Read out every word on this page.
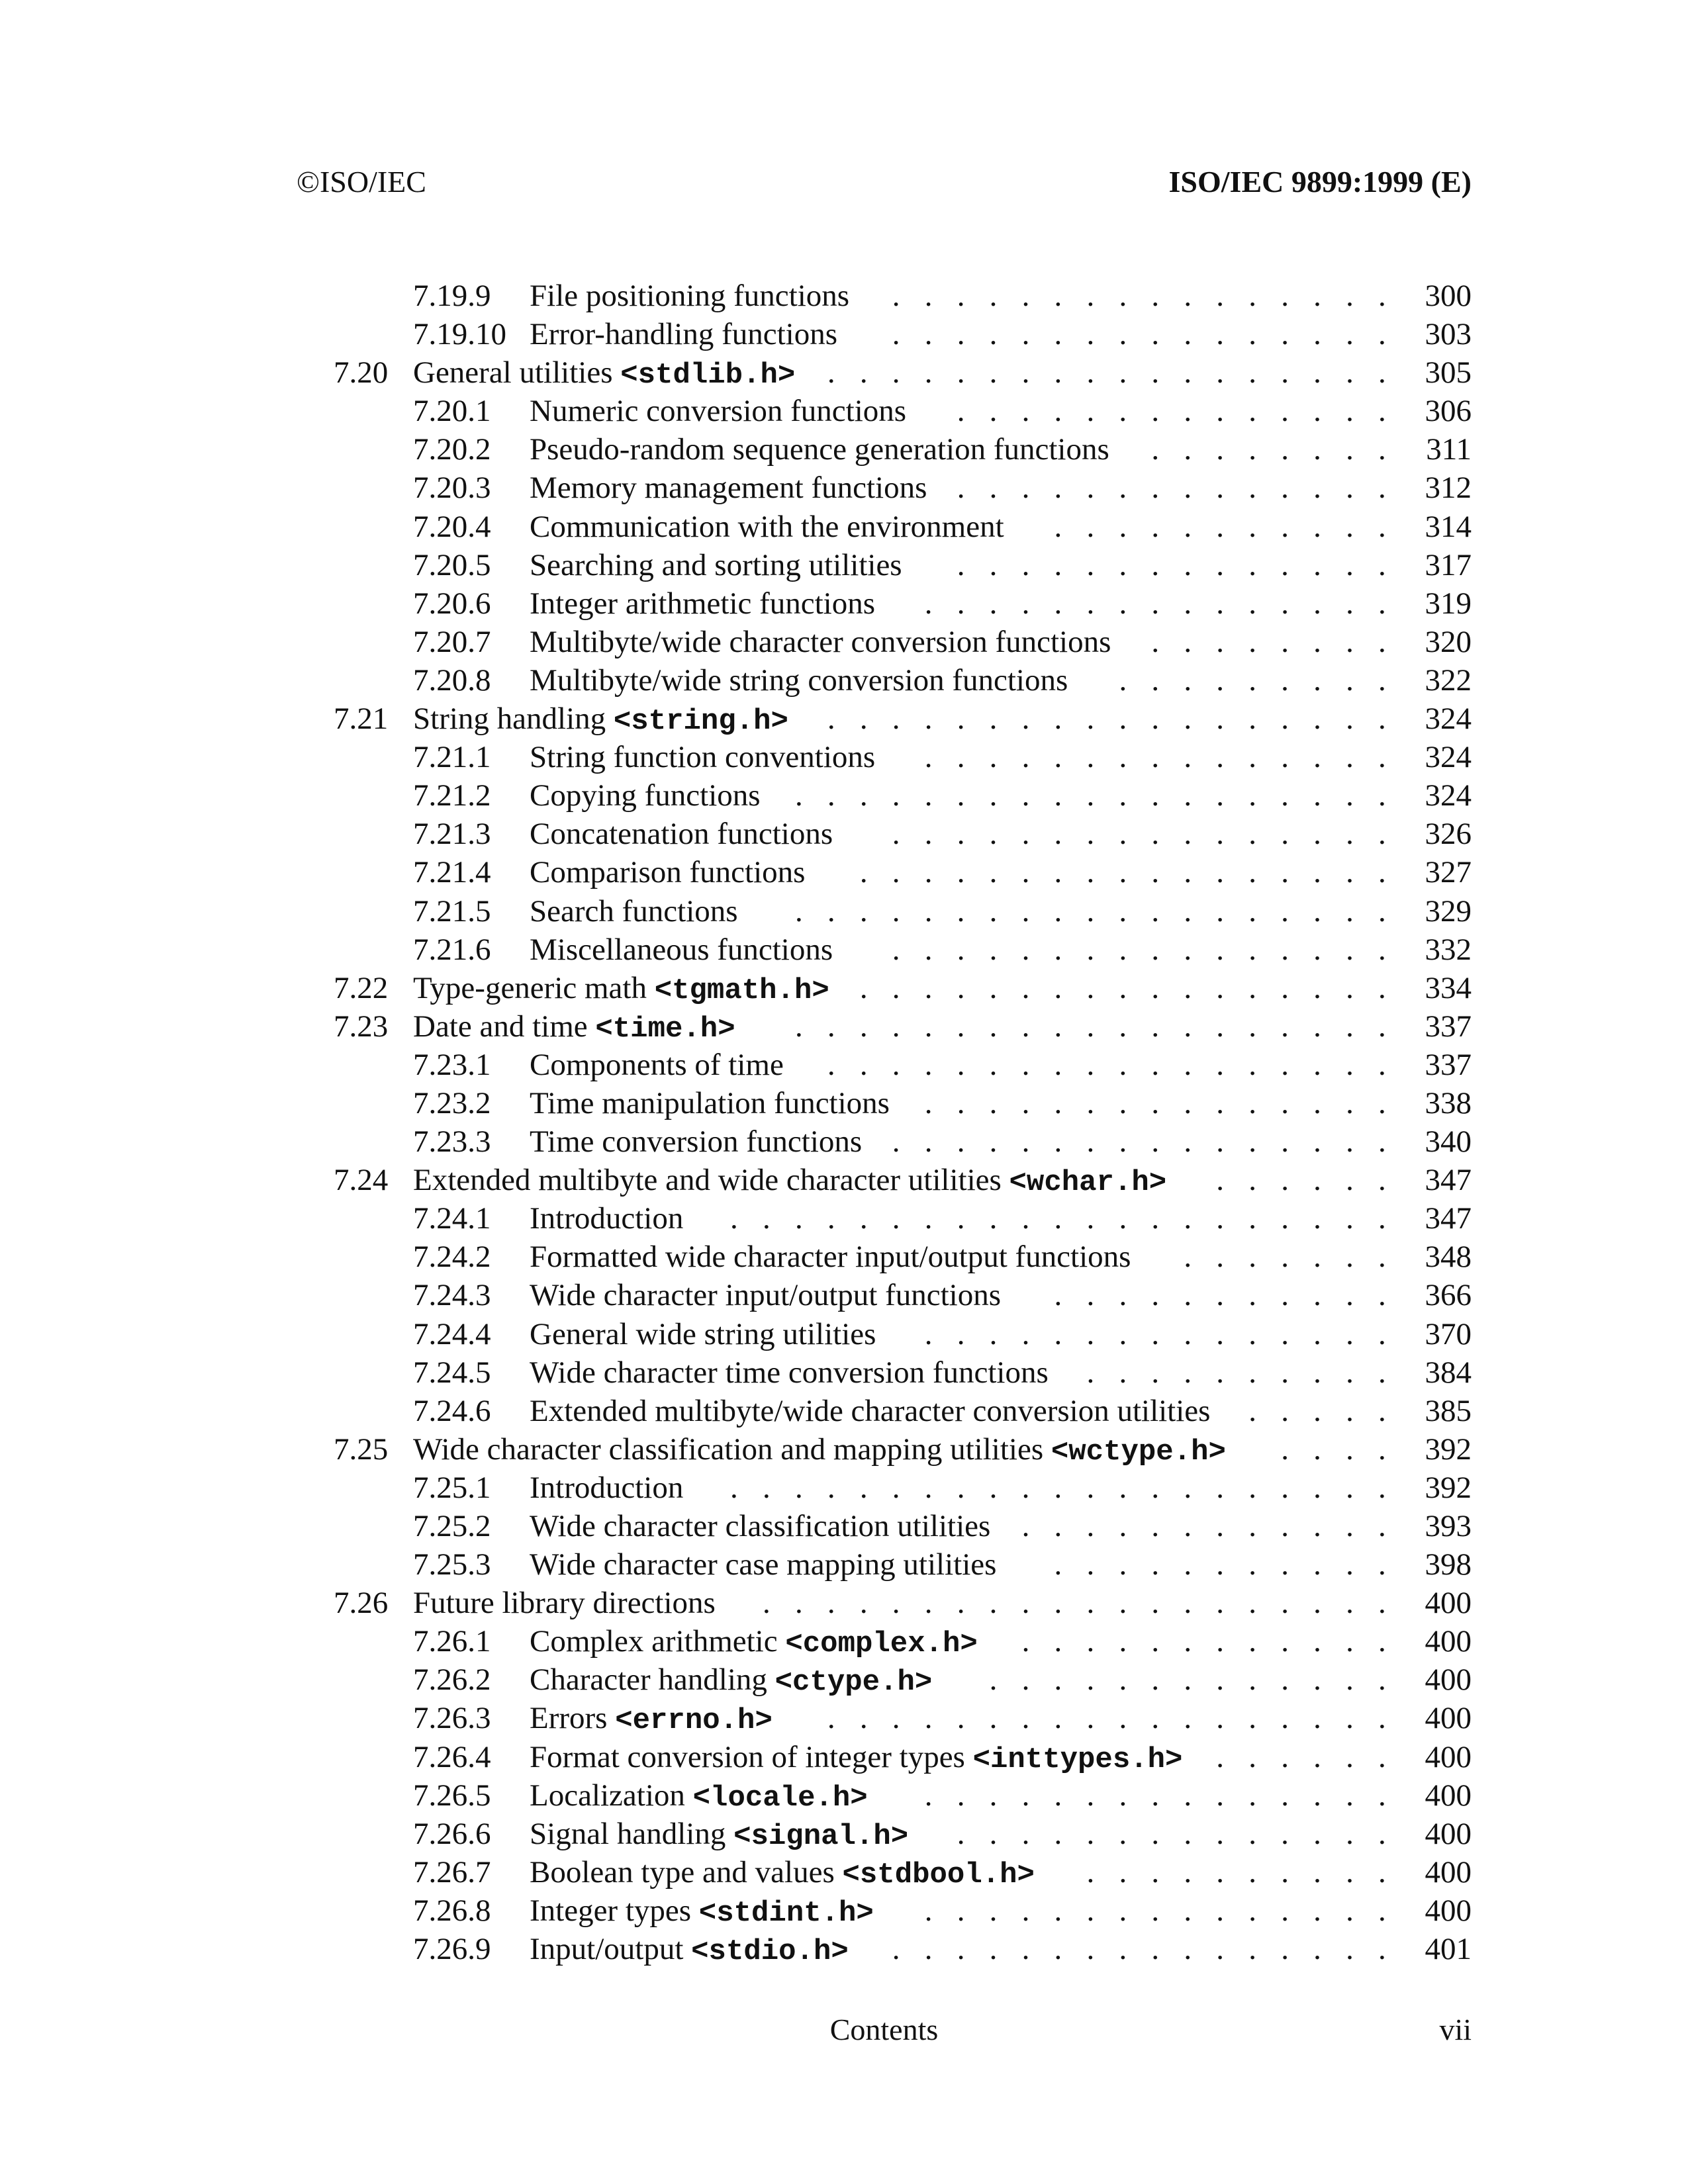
©ISO/IEC	ISO/IEC 9899:1999 (E)
7.19.9 File positioning functions ................ 300
7.19.10 Error-handling functions ................ 303
7.20 General utilities <stdlib.h> .................. 305
7.20.1 Numeric conversion functions .............. 306
7.20.2 Pseudo-random sequence generation functions ........ 311
7.20.3 Memory management functions .............. 312
7.20.4 Communication with the environment ........... 314
7.20.5 Searching and sorting utilities .............. 317
7.20.6 Integer arithmetic functions ............... 319
7.20.7 Multibyte/wide character conversion functions ........ 320
7.20.8 Multibyte/wide string conversion functions ......... 322
7.21 String handling <string.h> .................. 324
7.21.1 String function conventions ............... 324
7.21.2 Copying functions ................... 324
7.21.3 Concatenation functions ................ 326
7.21.4 Comparison functions ................. 327
7.21.5 Search functions ................... 329
7.21.6 Miscellaneous functions ................ 332
7.22 Type-generic math <tgmath.h> ................. 334
7.23 Date and time <time.h> ................... 337
7.23.1 Components of time .................. 337
7.23.2 Time manipulation functions ............... 338
7.23.3 Time conversion functions ................ 340
7.24 Extended multibyte and wide character utilities <wchar.h> ...... 347
7.24.1 Introduction ..................... 347
7.24.2 Formatted wide character input/output functions ....... 348
7.24.3 Wide character input/output functions ........... 366
7.24.4 General wide string utilities ............... 370
7.24.5 Wide character time conversion functions .......... 384
7.24.6 Extended multibyte/wide character conversion utilities ..... 385
7.25 Wide character classification and mapping utilities <wctype.h> .... 392
7.25.1 Introduction ..................... 392
7.25.2 Wide character classification utilities ............ 393
7.25.3 Wide character case mapping utilities ........... 398
7.26 Future library directions .................... 400
7.26.1 Complex arithmetic <complex.h> ............ 400
7.26.2 Character handling <ctype.h> ............. 400
7.26.3 Errors <errno.h> .................. 400
7.26.4 Format conversion of integer types <inttypes.h> ...... 400
7.26.5 Localization <locale.h> ............... 400
7.26.6 Signal handling <signal.h> .............. 400
7.26.7 Boolean type and values <stdbool.h> .......... 400
7.26.8 Integer types <stdint.h> ............... 400
7.26.9 Input/output <stdio.h> ................ 401
Contents	vii
